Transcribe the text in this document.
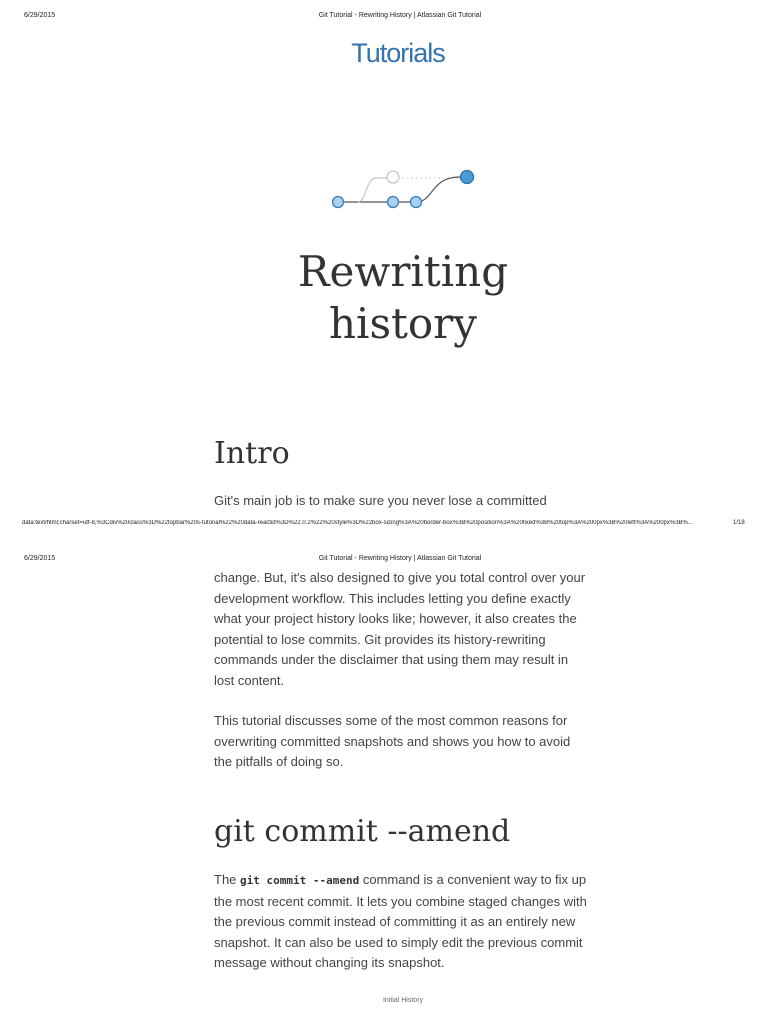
6/29/2015	Git Tutorial - Rewriting History | Atlassian Git Tutorial
Tutorials
Rewriting
history
Intro

Git's main job is to make sure you never lose a committed

data:text/html;charset=utf-8,%3Cdiv%20class%3D%22topbar%20s-tutorial%22%20data-reactid%3D%22.0.2%22%20style%3D%22box-sizing%3A%20border-box%3B%20position%3A%20fixed%3B%20top%3A%200px%3B%20left%3A%200px%3B%...	1/18
6/29/2015	Git Tutorial - Rewriting History | Atlassian Git Tutorial

change. But, it's also designed to give you total control over your
development workflow. This includes letting you define exactly
what your project history looks like; however, it also creates the
potential to lose commits. Git provides its history-rewriting
commands under the disclaimer that using them may result in
lost content.

This tutorial discusses some of the most common reasons for
overwriting committed snapshots and shows you how to avoid
the pitfalls of doing so.

git commit --amend

The git commit --amend command is a convenient way to fix up
the most recent commit. It lets you combine staged changes with
the previous commit instead of committing it as an entirely new
snapshot. It can also be used to simply edit the previous commit
message without changing its snapshot.

Initial History
